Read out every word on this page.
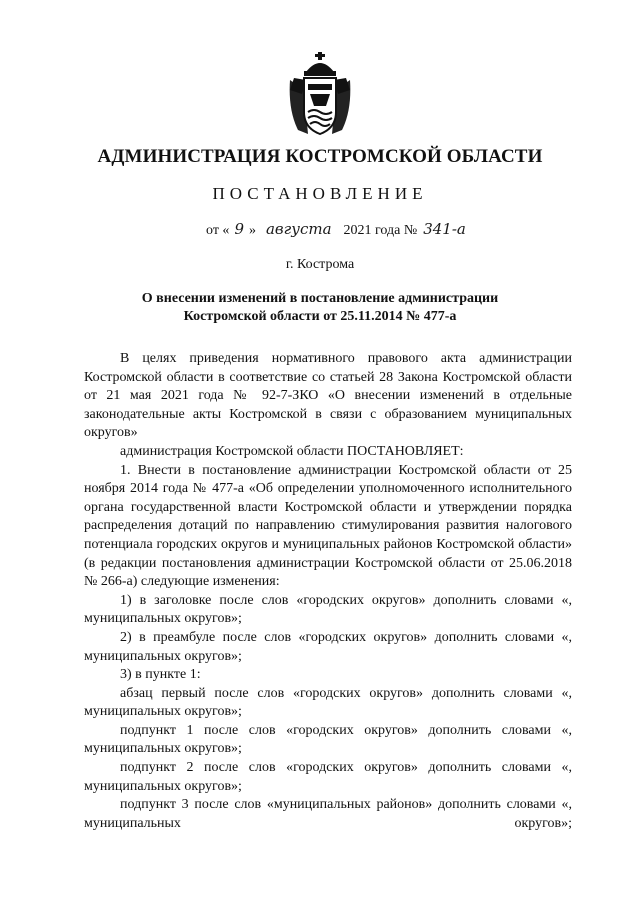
АДМИНИСТРАЦИЯ КОСТРОМСКОЙ ОБЛАСТИ
ПОСТАНОВЛЕНИЕ
от « 9 » августа 2021 года № 341-а
г. Кострома
О внесении изменений в постановление администрации
Костромской области от 25.11.2014 № 477-а

В целях приведения нормативного правового акта администрации Костромской области в соответствие со статьей 28 Закона Костромской области от 21 мая 2021 года № 92-7-ЗКО «О внесении изменений в отдельные законодательные акты Костромской в связи с образованием муниципальных округов»

администрация Костромской области ПОСТАНОВЛЯЕТ:

1. Внести в постановление администрации Костромской области от 25 ноября 2014 года № 477-а «Об определении уполномоченного исполнительного органа государственной власти Костромской области и утверждении порядка распределения дотаций по направлению стимулирования развития налогового потенциала городских округов и муниципальных районов Костромской области» (в редакции постановления администрации Костромской области от 25.06.2018 № 266-а) следующие изменения:

1) в заголовке после слов «городских округов» дополнить словами «, муниципальных округов»;

2) в преамбуле после слов «городских округов» дополнить словами «, муниципальных округов»;

3) в пункте 1:

абзац первый после слов «городских округов» дополнить словами «, муниципальных округов»;

подпункт 1 после слов «городских округов» дополнить словами «, муниципальных округов»;

подпункт 2 после слов «городских округов» дополнить словами «, муниципальных округов»;

подпункт 3 после слов «муниципальных районов» дополнить словами «, муниципальных округов»;
